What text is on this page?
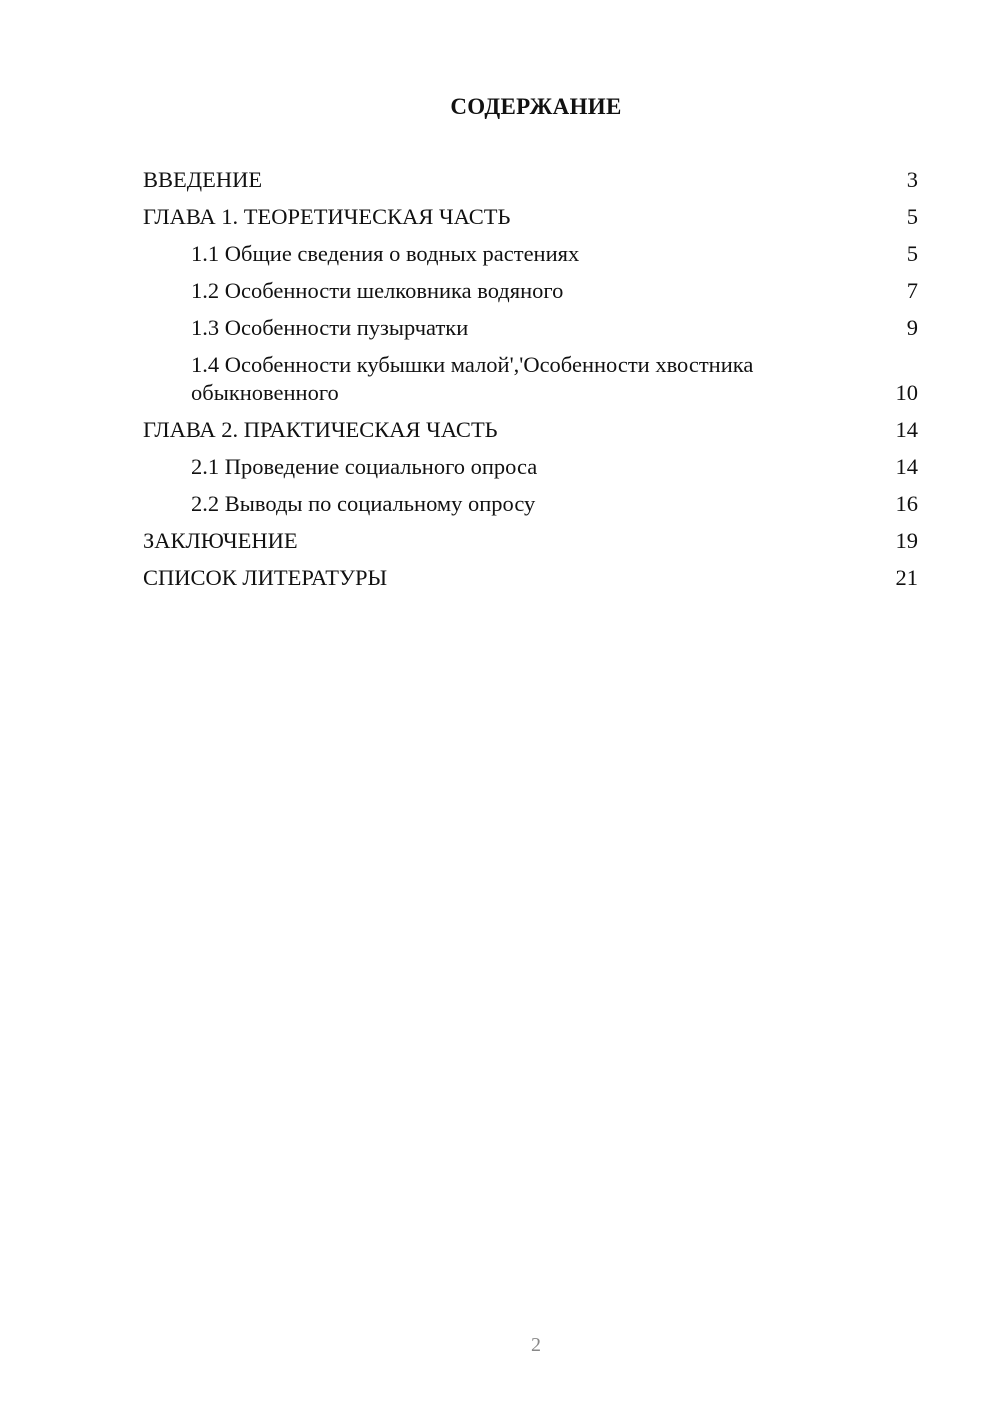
СОДЕРЖАНИЕ
ВВЕДЕНИЕ	3
ГЛАВА 1. ТЕОРЕТИЧЕСКАЯ ЧАСТЬ	5
1.1 Общие сведения о водных растениях	5
1.2 Особенности шелковника водяного	7
1.3 Особенности пузырчатки	9
1.4 Особенности кубышки малой','Особенности хвостника обыкновенного	10
ГЛАВА 2. ПРАКТИЧЕСКАЯ ЧАСТЬ	14
2.1 Проведение социального опроса	14
2.2 Выводы по социальному опросу	16
ЗАКЛЮЧЕНИЕ	19
СПИСОК ЛИТЕРАТУРЫ	21
2
